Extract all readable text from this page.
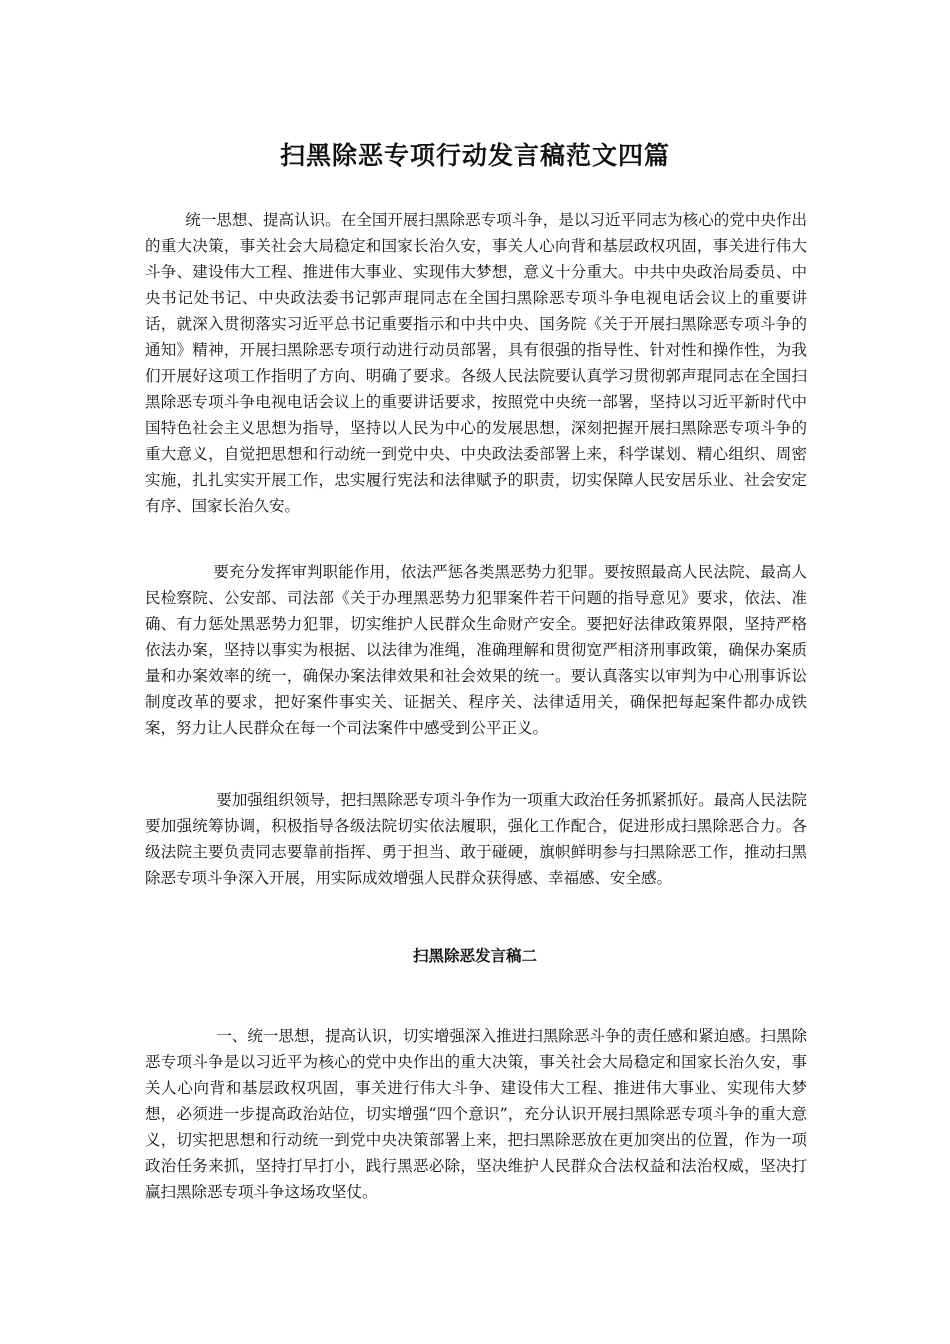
扫黑除恶专项行动发言稿范文四篇

统一思想、提高认识。在全国开展扫黑除恶专项斗争，是以习近平同志为核心的党中央作出的重大决策，事关社会大局稳定和国家长治久安，事关人心向背和基层政权巩固，事关进行伟大斗争、建设伟大工程、推进伟大事业、实现伟大梦想，意义十分重大。中共中央政治局委员、中央书记处书记、中央政法委书记郭声琨同志在全国扫黑除恶专项斗争电视电话会议上的重要讲话，就深入贯彻落实习近平总书记重要指示和中共中央、国务院《关于开展扫黑除恶专项斗争的通知》精神，开展扫黑除恶专项行动进行动员部署，具有很强的指导性、针对性和操作性，为我们开展好这项工作指明了方向、明确了要求。各级人民法院要认真学习贯彻郭声琨同志在全国扫黑除恶专项斗争电视电话会议上的重要讲话要求，按照党中央统一部署，坚持以习近平新时代中国特色社会主义思想为指导，坚持以人民为中心的发展思想，深刻把握开展扫黑除恶专项斗争的重大意义，自觉把思想和行动统一到党中央、中央政法委部署上来，科学谋划、精心组织、周密实施，扎扎实实开展工作，忠实履行宪法和法律赋予的职责，切实保障人民安居乐业、社会安定有序、国家长治久安。

要充分发挥审判职能作用，依法严惩各类黑恶势力犯罪。要按照最高人民法院、最高人民检察院、公安部、司法部《关于办理黑恶势力犯罪案件若干问题的指导意见》要求，依法、准确、有力惩处黑恶势力犯罪，切实维护人民群众生命财产安全。要把好法律政策界限，坚持严格依法办案，坚持以事实为根据、以法律为准绳，准确理解和贯彻宽严相济刑事政策，确保办案质量和办案效率的统一，确保办案法律效果和社会效果的统一。要认真落实以审判为中心刑事诉讼制度改革的要求，把好案件事实关、证据关、程序关、法律适用关，确保把每起案件都办成铁案，努力让人民群众在每一个司法案件中感受到公平正义。

要加强组织领导，把扫黑除恶专项斗争作为一项重大政治任务抓紧抓好。最高人民法院要加强统筹协调，积极指导各级法院切实依法履职，强化工作配合，促进形成扫黑除恶合力。各级法院主要负责同志要靠前指挥、勇于担当、敢于碰硬，旗帜鲜明参与扫黑除恶工作，推动扫黑除恶专项斗争深入开展，用实际成效增强人民群众获得感、幸福感、安全感。

扫黑除恶发言稿二

一、统一思想，提高认识，切实增强深入推进扫黑除恶斗争的责任感和紧迫感。扫黑除恶专项斗争是以习近平为核心的党中央作出的重大决策，事关社会大局稳定和国家长治久安，事关人心向背和基层政权巩固，事关进行伟大斗争、建设伟大工程、推进伟大事业、实现伟大梦想，必须进一步提高政治站位，切实增强“四个意识”，充分认识开展扫黑除恶专项斗争的重大意义，切实把思想和行动统一到党中央决策部署上来，把扫黑除恶放在更加突出的位置，作为一项政治任务来抓，坚持打早打小，践行黑恶必除，坚决维护人民群众合法权益和法治权威，坚决打赢扫黑除恶专项斗争这场攻坚仗。
